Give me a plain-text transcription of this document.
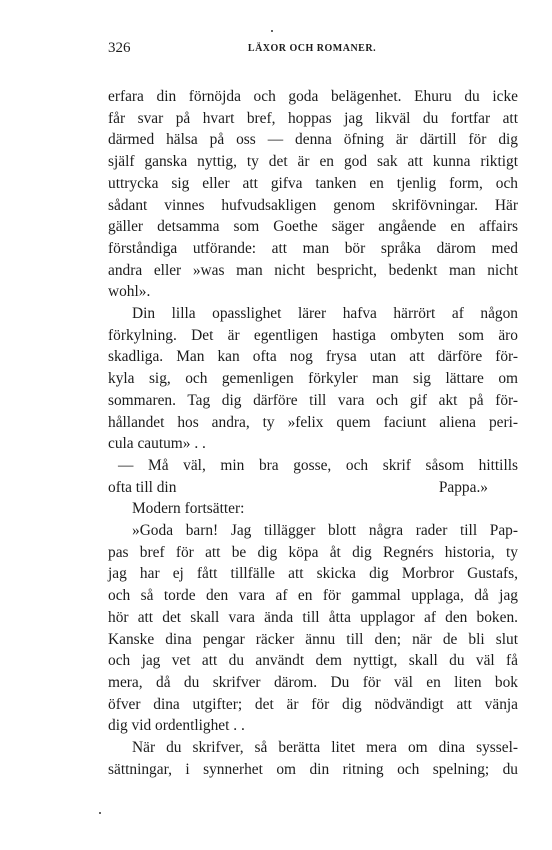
326	LÄXOR OCH ROMANER.

erfara din förnöjda och goda belägenhet. Ehuru du icke
får svar på hvart bref, hoppas jag likväl du fortfar att
därmed hälsa på oss — denna öfning är därtill för dig
själf ganska nyttig, ty det är en god sak att kunna riktigt
uttrycka sig eller att gifva tanken en tjenlig form, och
sådant vinnes hufvudsakligen genom skrifövningar. Här
gäller detsamma som Goethe säger angående en affairs
förståndiga utförande: att man bör språka därom med
andra eller »was man nicht bespricht, bedenkt man nicht
wohl».

Din lilla opasslighet lärer hafva härrört af någon
förkylning. Det är egentligen hastiga ombyten som äro
skadliga. Man kan ofta nog frysa utan att därföre för-
kyla sig, och gemenligen förkyler man sig lättare om
sommaren. Tag dig därföre till vara och gif akt på för-
hållandet hos andra, ty »felix quem faciunt aliena peri-
cula cautum» . .

— Må väl, min bra gosse, och skrif såsom hittills
ofta till din	Pappa.»

Modern fortsätter:

»Goda barn! Jag tillägger blott några rader till Pap-
pas bref för att be dig köpa åt dig Regnérs historia, ty
jag har ej fått tillfälle att skicka dig Morbror Gustafs,
och så torde den vara af en för gammal upplaga, då jag
hör att det skall vara ända till åtta upplagor af den boken.
Kanske dina pengar räcker ännu till den; när de bli slut
och jag vet att du användt dem nyttigt, skall du väl få
mera, då du skrifver därom. Du för väl en liten bok
öfver dina utgifter; det är för dig nödvändigt att vänja
dig vid ordentlighet . .

När du skrifver, så berätta litet mera om dina syssel-
sättningar, i synnerhet om din ritning och spelning; du
